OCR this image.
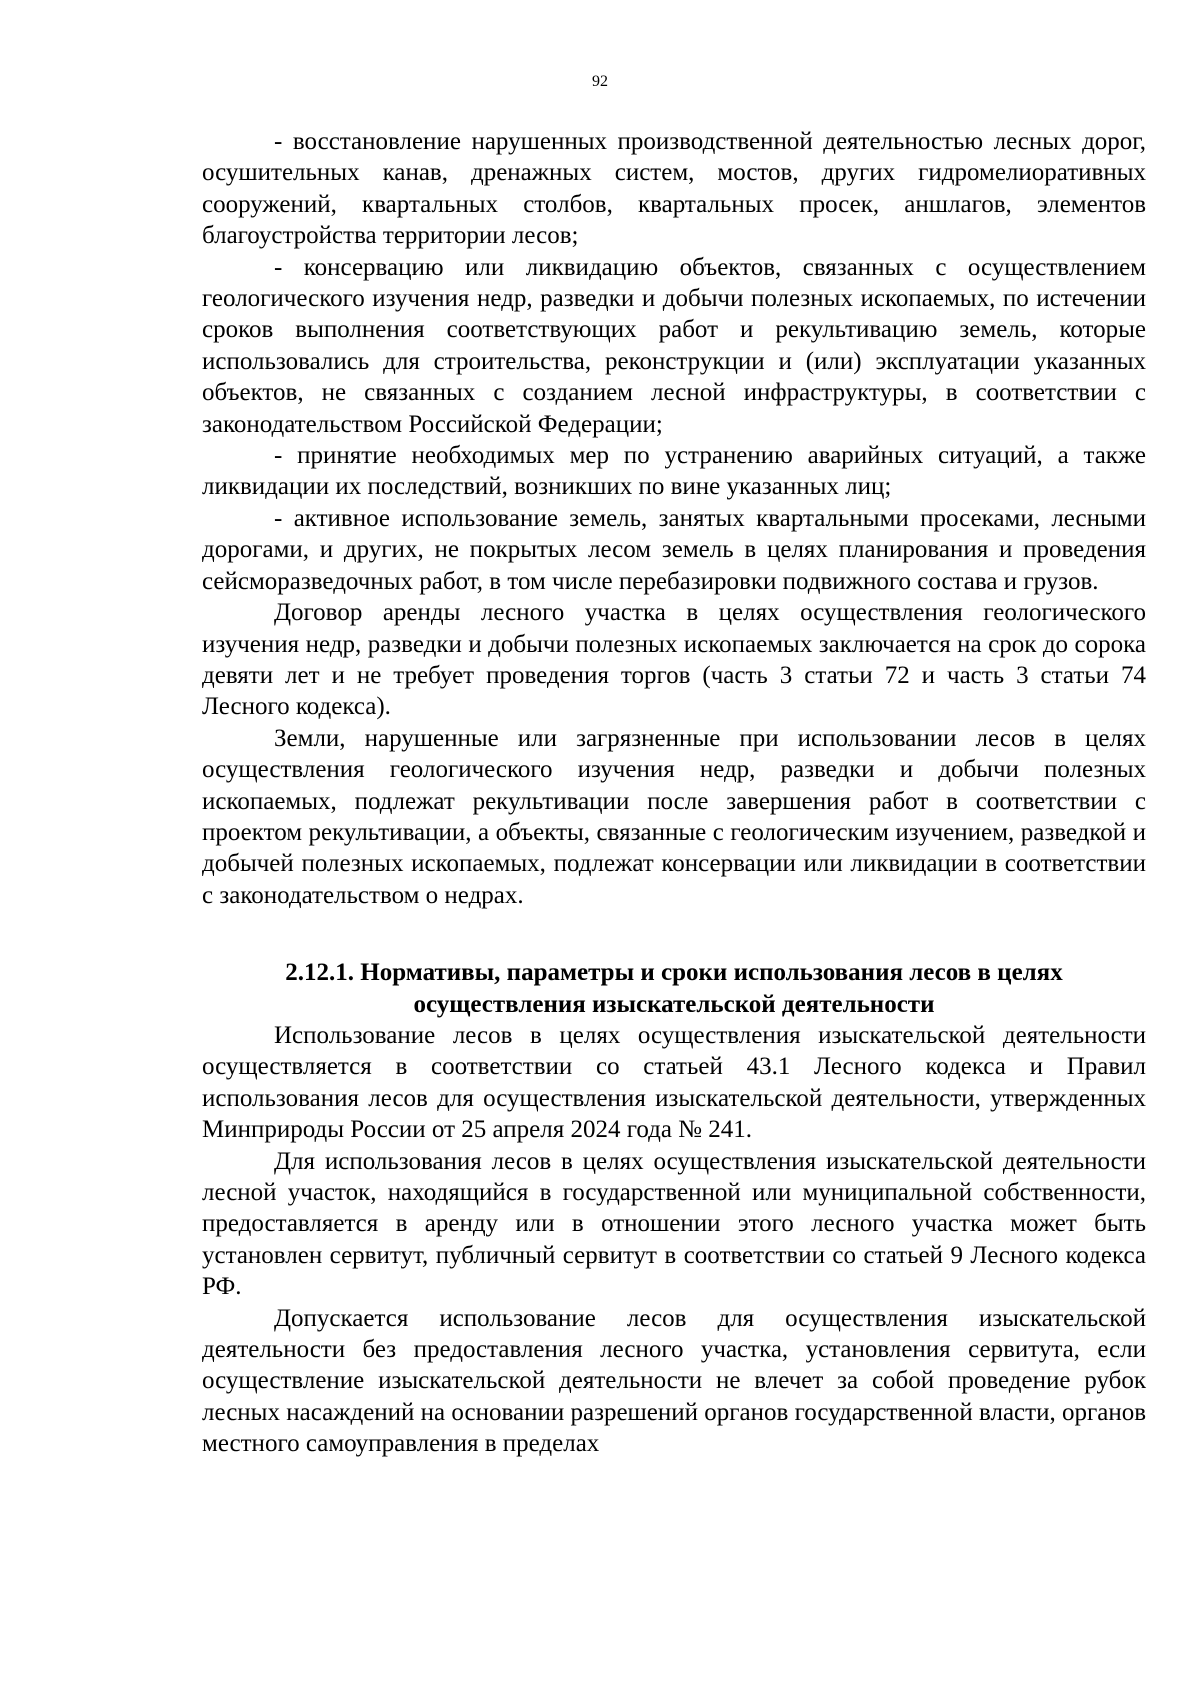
92

- восстановление нарушенных производственной деятельностью лесных дорог, осушительных канав, дренажных систем, мостов, других гидромелиоративных сооружений, квартальных столбов, квартальных просек, аншлагов, элементов благоустройства территории лесов;

- консервацию или ликвидацию объектов, связанных с осуществлением геологического изучения недр, разведки и добычи полезных ископаемых, по истечении сроков выполнения соответствующих работ и рекультивацию земель, которые использовались для строительства, реконструкции и (или) эксплуатации указанных объектов, не связанных с созданием лесной инфраструктуры, в соответствии с законодательством Российской Федерации;

- принятие необходимых мер по устранению аварийных ситуаций, а также ликвидации их последствий, возникших по вине указанных лиц;

- активное использование земель, занятых квартальными просеками, лесными дорогами, и других, не покрытых лесом земель в целях планирования и проведения сейсморазведочных работ, в том числе перебазировки подвижного состава и грузов.

Договор аренды лесного участка в целях осуществления геологического изучения недр, разведки и добычи полезных ископаемых заключается на срок до сорока девяти лет и не требует проведения торгов (часть 3 статьи 72 и часть 3 статьи 74 Лесного кодекса).

Земли, нарушенные или загрязненные при использовании лесов в целях осуществления геологического изучения недр, разведки и добычи полезных ископаемых, подлежат рекультивации после завершения работ в соответствии с проектом рекультивации, а объекты, связанные с геологическим изучением, разведкой и добычей полезных ископаемых, подлежат консервации или ликвидации в соответствии с законодательством о недрах.

2.12.1. Нормативы, параметры и сроки использования лесов в целях
осуществления изыскательской деятельности

Использование лесов в целях осуществления изыскательской деятельности осуществляется в соответствии со статьей 43.1 Лесного кодекса и Правил использования лесов для осуществления изыскательской деятельности, утвержденных Минприроды России от 25 апреля 2024 года № 241.

Для использования лесов в целях осуществления изыскательской деятельности лесной участок, находящийся в государственной или муниципальной собственности, предоставляется в аренду или в отношении этого лесного участка может быть установлен сервитут, публичный сервитут в соответствии со статьей 9 Лесного кодекса РФ.

Допускается использование лесов для осуществления изыскательской деятельности без предоставления лесного участка, установления сервитута, если осуществление изыскательской деятельности не влечет за собой проведение рубок лесных насаждений на основании разрешений органов государственной власти, органов местного самоуправления в пределах
